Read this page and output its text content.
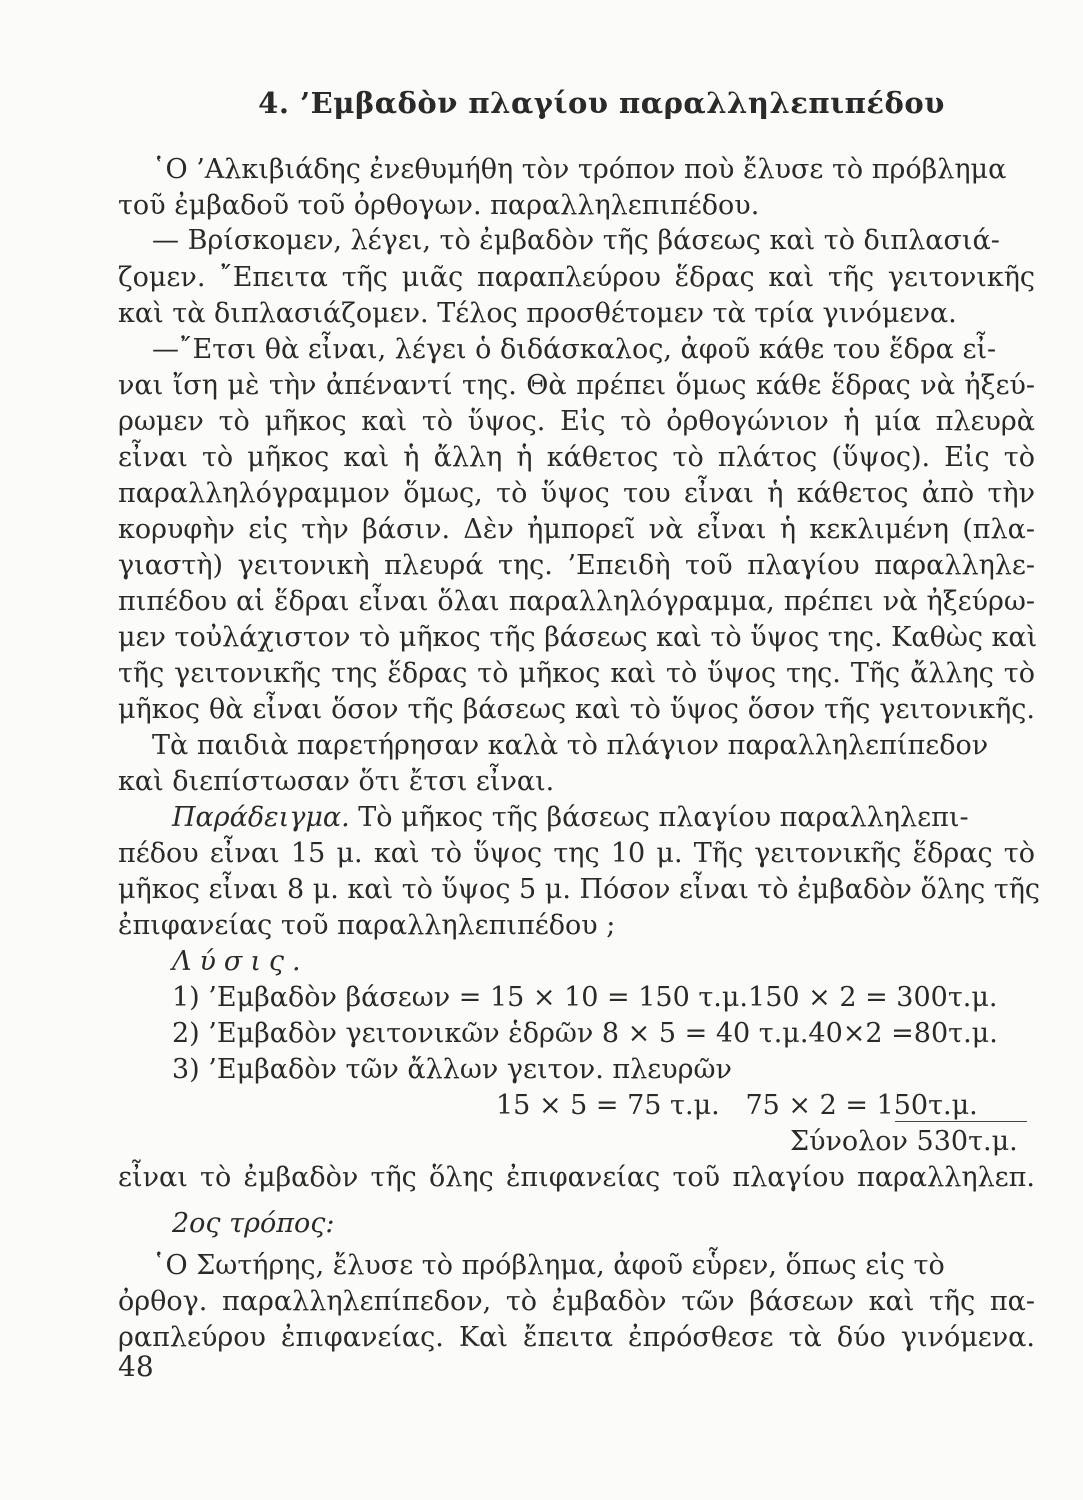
4. ’Εμβαδὸν πλαγίου παραλληλεπιπέδου
῾Ο ’Αλκιβιάδης ἐνεθυμήθη τὸν τρόπον ποὺ ἔλυσε τὸ πρόβλημα
τοῦ ἐμβαδοῦ τοῦ ὀρθογων. παραλληλεπιπέδου.
— Βρίσκομεν, λέγει, τὸ ἐμβαδὸν τῆς βάσεως καὶ τὸ διπλασιά-
ζομεν. ῎Επειτα τῆς μιᾶς παραπλεύρου ἕδρας καὶ τῆς γειτονικῆς
καὶ τὰ διπλασιάζομεν. Τέλος προσθέτομεν τὰ τρία γινόμενα.
—῎Ετσι θὰ εἶναι, λέγει ὁ διδάσκαλος, ἀφοῦ κάθε του ἕδρα εἶ-
ναι ἴση μὲ τὴν ἀπέναντί της. Θὰ πρέπει ὅμως κάθε ἕδρας νὰ ἠξεύ-
ρωμεν τὸ μῆκος καὶ τὸ ὕψος. Εἰς τὸ ὀρθογώνιον ἡ μία πλευρὰ
εἶναι τὸ μῆκος καὶ ἡ ἄλλη ἡ κάθετος τὸ πλάτος (ὕψος). Εἰς τὸ
παραλληλόγραμμον ὅμως, τὸ ὕψος του εἶναι ἡ κάθετος ἀπὸ τὴν
κορυφὴν εἰς τὴν βάσιν. Δὲν ἠμπορεῖ νὰ εἶναι ἡ κεκλιμένη (πλα-
γιαστὴ) γειτονικὴ πλευρά της. ’Επειδὴ τοῦ πλαγίου παραλληλε-
πιπέδου αἱ ἕδραι εἶναι ὅλαι παραλληλόγραμμα, πρέπει νὰ ἠξεύρω-
μεν τοὐλάχιστον τὸ μῆκος τῆς βάσεως καὶ τὸ ὕψος της. Καθὼς καὶ
τῆς γειτονικῆς της ἕδρας τὸ μῆκος καὶ τὸ ὕψος της. Τῆς ἄλλης τὸ
μῆκος θὰ εἶναι ὅσον τῆς βάσεως καὶ τὸ ὕψος ὅσον τῆς γειτονικῆς.
Τὰ παιδιὰ παρετήρησαν καλὰ τὸ πλάγιον παραλληλεπίπεδον
καὶ διεπίστωσαν ὅτι ἔτσι εἶναι.
Παράδειγμα. Τὸ μῆκος τῆς βάσεως πλαγίου παραλληλεπι-
πέδου εἶναι 15 μ. καὶ τὸ ὕψος της 10 μ. Τῆς γειτονικῆς ἕδρας τὸ
μῆκος εἶναι 8 μ. καὶ τὸ ὕψος 5 μ. Πόσον εἶναι τὸ ἐμβαδὸν ὅλης τῆς
ἐπιφανείας τοῦ παραλληλεπιπέδου ;
Λύσις.
1) ’Εμβαδὸν βάσεων = 15 × 10 = 150 τ.μ.150 × 2 = 300τ.μ.
2) ’Εμβαδὸν γειτονικῶν ἑδρῶν 8 × 5 = 40 τ.μ.40×2 =80τ.μ.
3) ’Εμβαδὸν τῶν ἄλλων γειτον. πλευρῶν
15 × 5 = 75 τ.μ.   75 × 2 = 150τ.μ.
Σύνολον 530τ.μ.
εἶναι τὸ ἐμβαδὸν τῆς ὅλης ἐπιφανείας τοῦ πλαγίου παραλληλεπ.
2ος τρόπος:
῾Ο Σωτήρης, ἔλυσε τὸ πρόβλημα, ἀφοῦ εὗρεν, ὅπως εἰς τὸ
ὀρθογ. παραλληλεπίπεδον, τὸ ἐμβαδὸν τῶν βάσεων καὶ τῆς πα-
ραπλεύρου ἐπιφανείας. Καὶ ἔπειτα ἐπρόσθεσε τὰ δύο γινόμενα.
48
